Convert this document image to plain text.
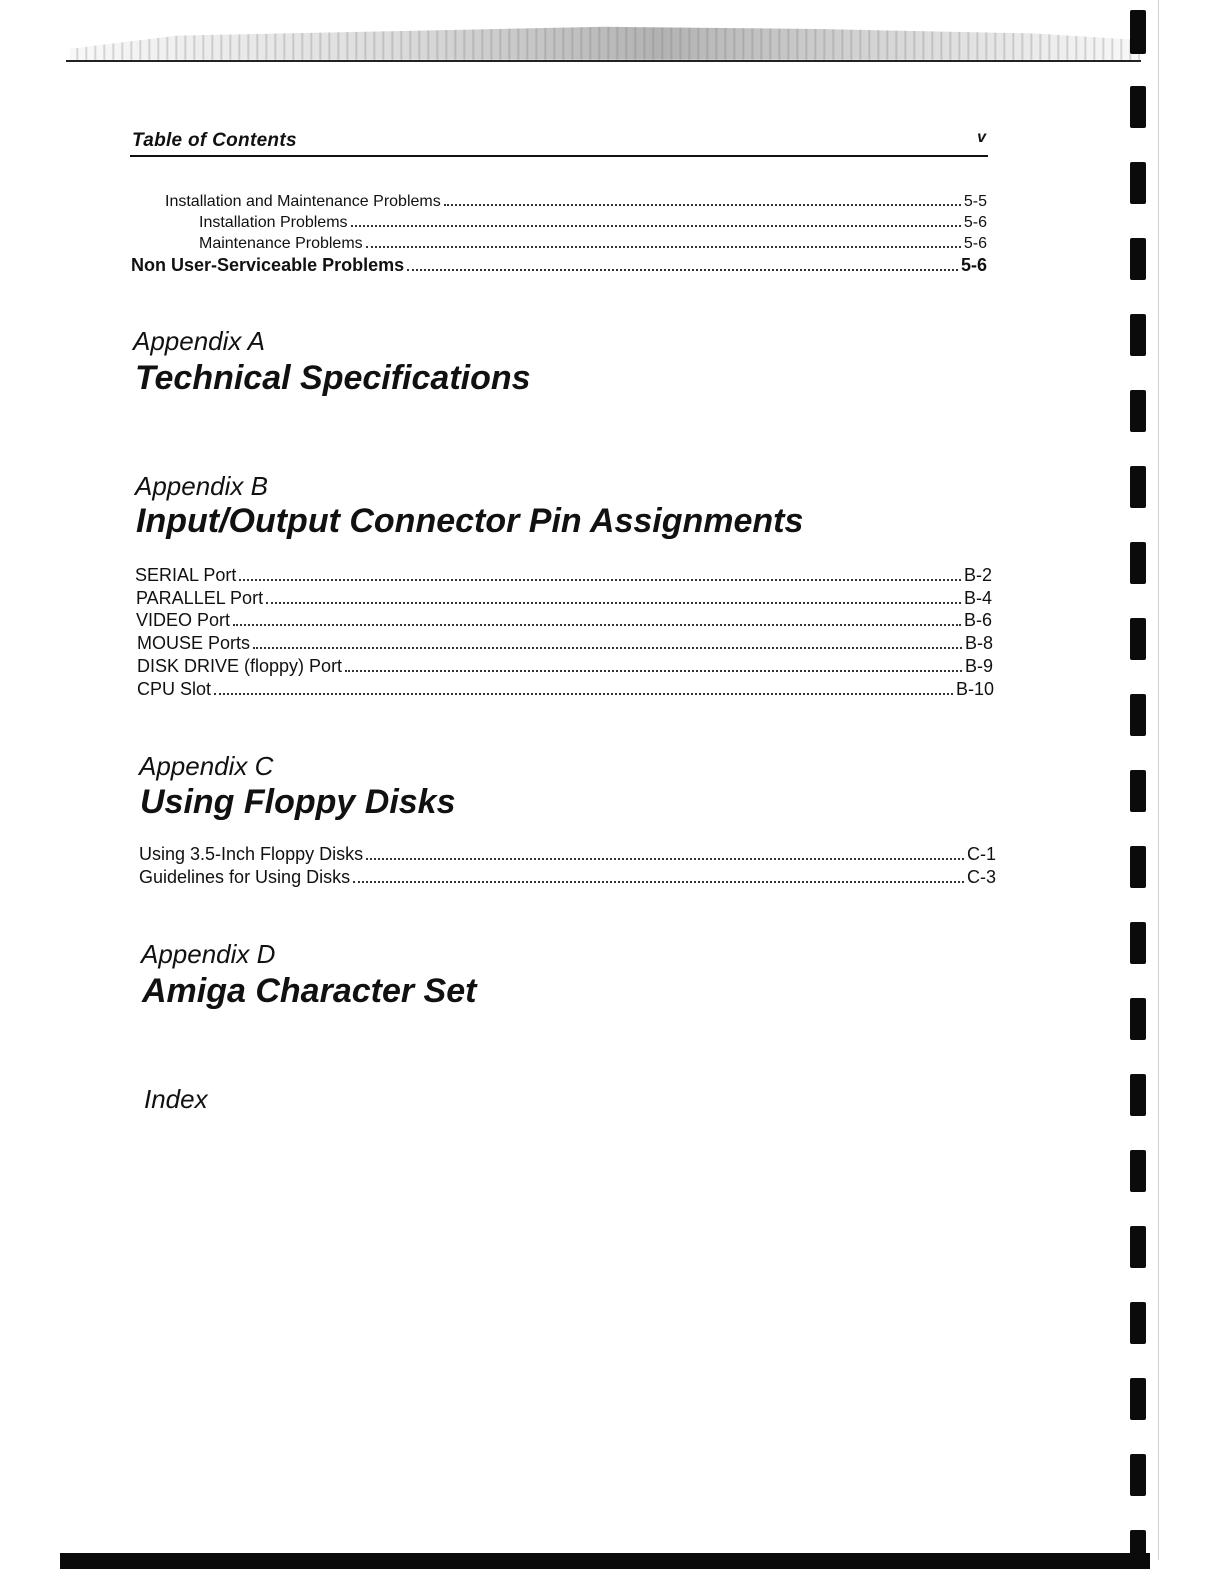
Table of Contents	v
Installation and Maintenance Problems	5-5
Installation Problems	5-6
Maintenance Problems	5-6
Non User-Serviceable Problems	5-6
Appendix A
Technical Specifications
Appendix B
Input/Output Connector Pin Assignments
SERIAL Port	B-2
PARALLEL Port	B-4
VIDEO Port	B-6
MOUSE Ports	B-8
DISK DRIVE (floppy) Port	B-9
CPU Slot	B-10
Appendix C
Using Floppy Disks
Using 3.5-Inch Floppy Disks	C-1
Guidelines for Using Disks	C-3
Appendix D
Amiga Character Set
Index
